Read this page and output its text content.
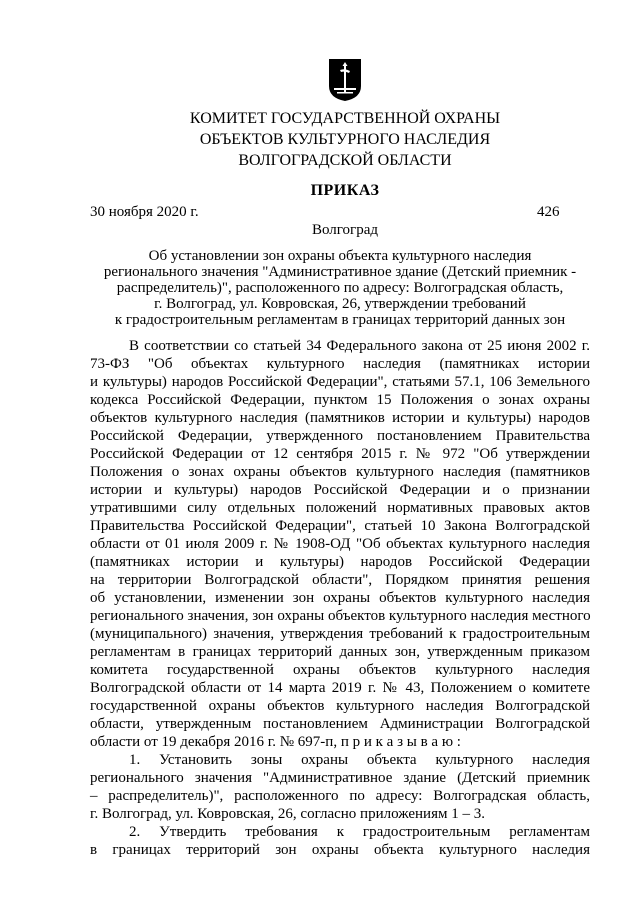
КОМИТЕТ ГОСУДАРСТВЕННОЙ ОХРАНЫ
ОБЪЕКТОВ КУЛЬТУРНОГО НАСЛЕДИЯ
ВОЛГОГРАДСКОЙ ОБЛАСТИ
ПРИКАЗ
30 ноября 2020 г.	426
Волгоград
Об установлении зон охраны объекта культурного наследия
регионального значения "Административное здание (Детский приемник -
распределитель)", расположенного по адресу: Волгоградская область,
г. Волгоград, ул. Ковровская, 26, утверждении требований
к градостроительным регламентам в границах территорий данных зон
В соответствии со статьей 34 Федерального закона от 25 июня 2002 г.
73-ФЗ "Об объектах культурного наследия (памятниках истории
и культуры) народов Российской Федерации", статьями 57.1, 106 Земельного
кодекса Российской Федерации, пунктом 15 Положения о зонах охраны
объектов культурного наследия (памятников истории и культуры) народов
Российской Федерации, утвержденного постановлением Правительства
Российской Федерации от 12 сентября 2015 г. № 972 "Об утверждении
Положения о зонах охраны объектов культурного наследия (памятников
истории и культуры) народов Российской Федерации и о признании
утратившими силу отдельных положений нормативных правовых актов
Правительства Российской Федерации", статьей 10 Закона Волгоградской
области от 01 июля 2009 г. № 1908-ОД "Об объектах культурного наследия
(памятниках истории и культуры) народов Российской Федерации
на территории Волгоградской области", Порядком принятия решения
об установлении, изменении зон охраны объектов культурного наследия
регионального значения, зон охраны объектов культурного наследия местного
(муниципального) значения, утверждения требований к градостроительным
регламентам в границах территорий данных зон, утвержденным приказом
комитета государственной охраны объектов культурного наследия
Волгоградской области от 14 марта 2019 г. № 43, Положением о комитете
государственной охраны объектов культурного наследия Волгоградской
области, утвержденным постановлением Администрации Волгоградской
области от 19 декабря 2016 г. № 697-п, п р и к а з ы в а ю :
1. Установить зоны охраны объекта культурного наследия
регионального значения "Административное здание (Детский приемник
– распределитель)", расположенного по адресу: Волгоградская область,
г. Волгоград, ул. Ковровская, 26, согласно приложениям 1 – 3.
2. Утвердить требования к градостроительным регламентам
в границах территорий зон охраны объекта культурного наследия
